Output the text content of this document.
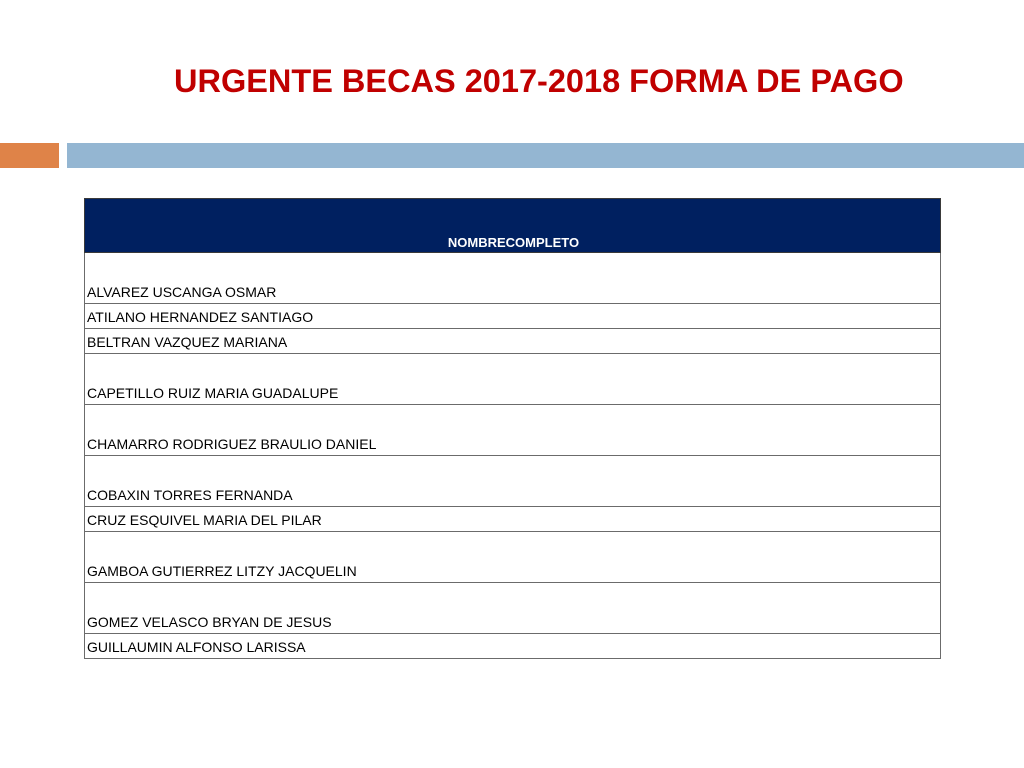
URGENTE BECAS 2017-2018 FORMA DE PAGO
NOMBRECOMPLETO
ALVAREZ USCANGA OSMAR
ATILANO HERNANDEZ SANTIAGO
BELTRAN VAZQUEZ MARIANA
CAPETILLO RUIZ MARIA GUADALUPE
CHAMARRO RODRIGUEZ BRAULIO DANIEL
COBAXIN TORRES FERNANDA
CRUZ ESQUIVEL MARIA DEL PILAR
GAMBOA GUTIERREZ LITZY JACQUELIN
GOMEZ VELASCO BRYAN DE JESUS
GUILLAUMIN ALFONSO LARISSA
